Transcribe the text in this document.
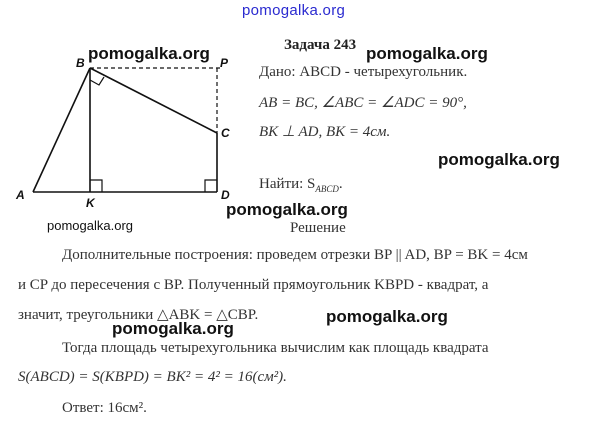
pomogalka.org
B	P
C
A
K
D
pomogalka.org	pomogalka.org
pomogalka.org
pomogalka.org
pomogalka.org
pomogalka.org
pomogalka.org
Задача 243
Дано: ABCD - четырехугольник.
AB = BC, ∠ABC = ∠ADC = 90°,
BK ⊥ AD, BK = 4см.
Найти: $S_{ABCD}$.
Решение
Дополнительные построения: проведем отрезки BP || AD, BP = BK = 4см
и CP до пересечения с BP. Полученный прямоугольник KBPD - квадрат, а
значит, треугольники △ABK = △CBP.
Тогда площадь четырехугольника вычислим как площадь квадрата
S(ABCD) = S(KBPD) = BK² = 4² = 16(см²).
Ответ: 16см².
